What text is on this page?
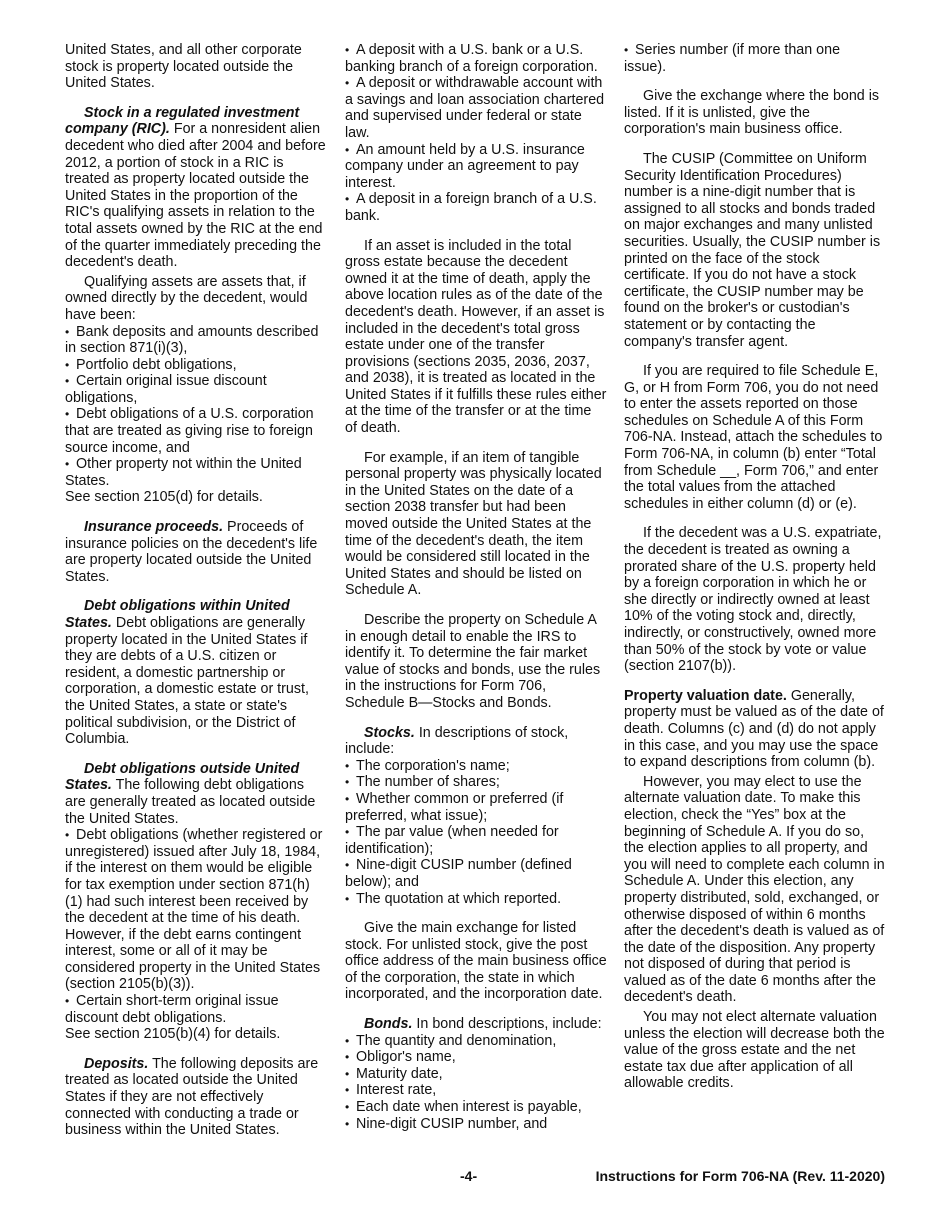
United States, and all other corporate stock is property located outside the United States.

Stock in a regulated investment company (RIC). For a nonresident alien decedent who died after 2004 and before 2012, a portion of stock in a RIC is treated as property located outside the United States in the proportion of the RIC's qualifying assets in relation to the total assets owned by the RIC at the end of the quarter immediately preceding the decedent's death.

Qualifying assets are assets that, if owned directly by the decedent, would have been:

• Bank deposits and amounts described in section 871(i)(3),

• Portfolio debt obligations,

• Certain original issue discount obligations,

• Debt obligations of a U.S. corporation that are treated as giving rise to foreign source income, and

• Other property not within the United States.

See section 2105(d) for details.

Insurance proceeds. Proceeds of insurance policies on the decedent's life are property located outside the United States.

Debt obligations within United States. Debt obligations are generally property located in the United States if they are debts of a U.S. citizen or resident, a domestic partnership or corporation, a domestic estate or trust, the United States, a state or state's political subdivision, or the District of Columbia.

Debt obligations outside United States. The following debt obligations are generally treated as located outside the United States.

• Debt obligations (whether registered or unregistered) issued after July 18, 1984, if the interest on them would be eligible for tax exemption under section 871(h)(1) had such interest been received by the decedent at the time of his death. However, if the debt earns contingent interest, some or all of it may be considered property in the United States (section 2105(b)(3)).

• Certain short-term original issue discount debt obligations.

See section 2105(b)(4) for details.

Deposits. The following deposits are treated as located outside the United States if they are not effectively connected with conducting a trade or business within the United States.

• A deposit with a U.S. bank or a U.S. banking branch of a foreign corporation.

• A deposit or withdrawable account with a savings and loan association chartered and supervised under federal or state law.

• An amount held by a U.S. insurance company under an agreement to pay interest.

• A deposit in a foreign branch of a U.S. bank.

If an asset is included in the total gross estate because the decedent owned it at the time of death, apply the above location rules as of the date of the decedent's death. However, if an asset is included in the decedent's total gross estate under one of the transfer provisions (sections 2035, 2036, 2037, and 2038), it is treated as located in the United States if it fulfills these rules either at the time of the transfer or at the time of death.

For example, if an item of tangible personal property was physically located in the United States on the date of a section 2038 transfer but had been moved outside the United States at the time of the decedent's death, the item would be considered still located in the United States and should be listed on Schedule A.

Describe the property on Schedule A in enough detail to enable the IRS to identify it. To determine the fair market value of stocks and bonds, use the rules in the instructions for Form 706, Schedule B—Stocks and Bonds.

Stocks. In descriptions of stock, include:

• The corporation's name;

• The number of shares;

• Whether common or preferred (if preferred, what issue);

• The par value (when needed for identification);

• Nine-digit CUSIP number (defined below); and

• The quotation at which reported.

Give the main exchange for listed stock. For unlisted stock, give the post office address of the main business office of the corporation, the state in which incorporated, and the incorporation date.

Bonds. In bond descriptions, include:

• The quantity and denomination,

• Obligor's name,

• Maturity date,

• Interest rate,

• Each date when interest is payable,

• Nine-digit CUSIP number, and

• Series number (if more than one issue).

Give the exchange where the bond is listed. If it is unlisted, give the corporation's main business office.

The CUSIP (Committee on Uniform Security Identification Procedures) number is a nine-digit number that is assigned to all stocks and bonds traded on major exchanges and many unlisted securities. Usually, the CUSIP number is printed on the face of the stock certificate. If you do not have a stock certificate, the CUSIP number may be found on the broker's or custodian's statement or by contacting the company's transfer agent.

If you are required to file Schedule E, G, or H from Form 706, you do not need to enter the assets reported on those schedules on Schedule A of this Form 706-NA. Instead, attach the schedules to Form 706-NA, in column (b) enter “Total from Schedule __, Form 706,” and enter the total values from the attached schedules in either column (d) or (e).

If the decedent was a U.S. expatriate, the decedent is treated as owning a prorated share of the U.S. property held by a foreign corporation in which he or she directly or indirectly owned at least 10% of the voting stock and, directly, indirectly, or constructively, owned more than 50% of the stock by vote or value (section 2107(b)).

Property valuation date. Generally, property must be valued as of the date of death. Columns (c) and (d) do not apply in this case, and you may use the space to expand descriptions from column (b).

However, you may elect to use the alternate valuation date. To make this election, check the “Yes” box at the beginning of Schedule A. If you do so, the election applies to all property, and you will need to complete each column in Schedule A. Under this election, any property distributed, sold, exchanged, or otherwise disposed of within 6 months after the decedent's death is valued as of the date of the disposition. Any property not disposed of during that period is valued as of the date 6 months after the decedent's death.

You may not elect alternate valuation unless the election will decrease both the value of the gross estate and the net estate tax due after application of all allowable credits.

-4-	Instructions for Form 706-NA (Rev. 11-2020)
